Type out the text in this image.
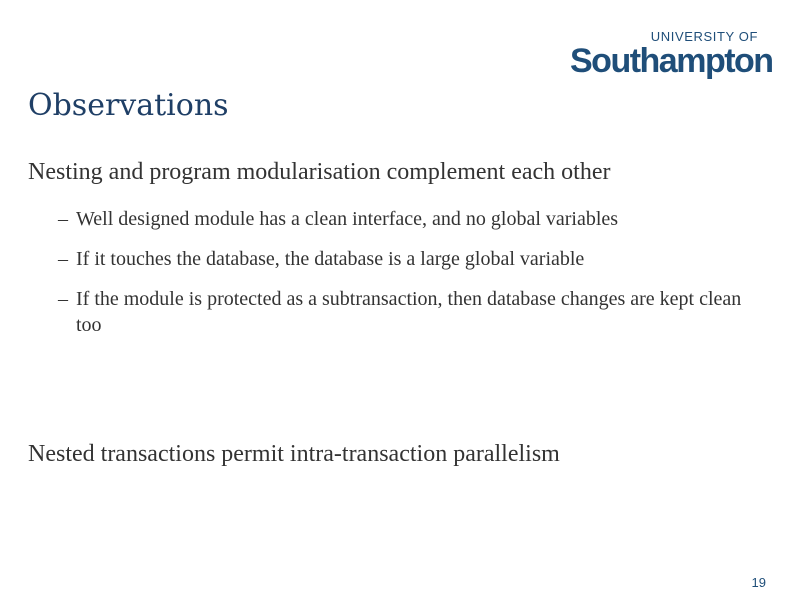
UNIVERSITY OF
Southampton
Observations

Nesting and program modularisation complement each other

– Well designed module has a clean interface, and no global variables
– If it touches the database, the database is a large global variable
– If the module is protected as a subtransaction, then database changes are kept clean too

Nested transactions permit intra-transaction parallelism

19
